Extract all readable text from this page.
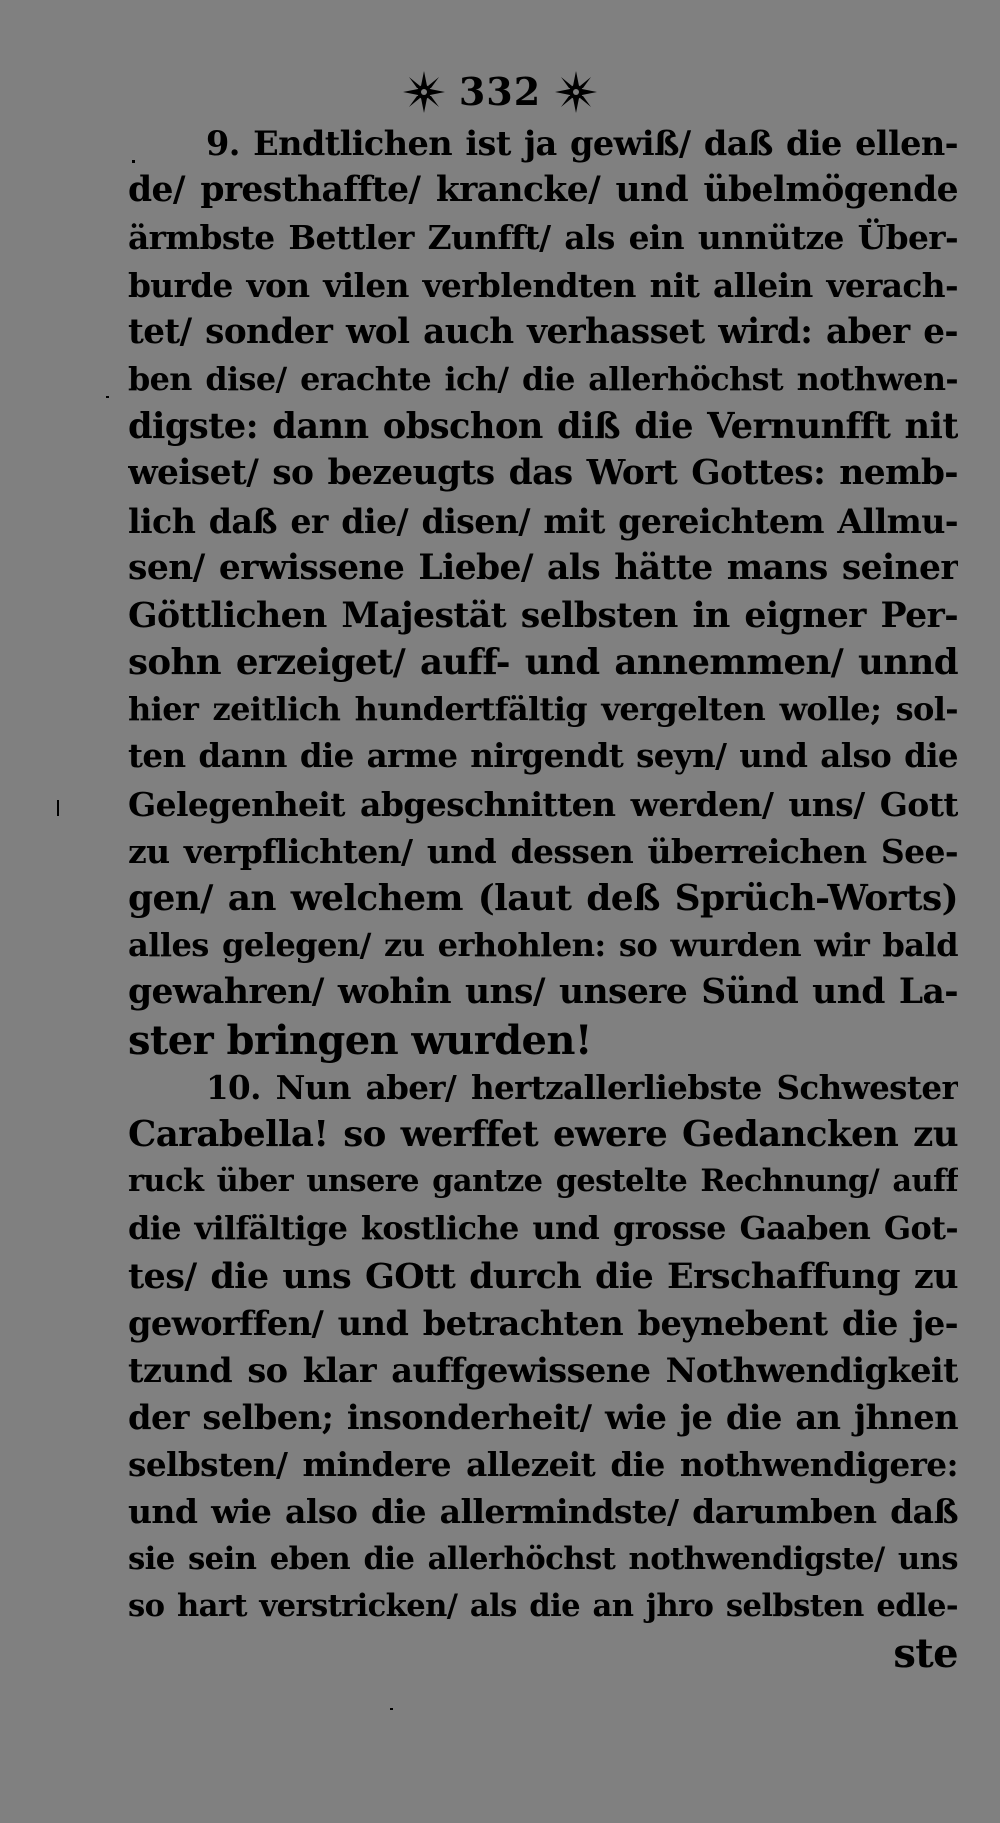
332
9. Endtlichen ist ja gewiß/ daß die ellen-
de/ presthaffte/ krancke/ und übelmögende
ärmbste Bettler Zunfft/ als ein unnütze Über-
burde von vilen verblendten nit allein verach-
tet/ sonder wol auch verhasset wird: aber e-
ben dise/ erachte ich/ die allerhöchst nothwen-
digste: dann obschon diß die Vernunfft nit
weiset/ so bezeugts das Wort Gottes: nemb-
lich daß er die/ disen/ mit gereichtem Allmu-
sen/ erwissene Liebe/ als hätte mans seiner
Göttlichen Majestät selbsten in eigner Per-
sohn erzeiget/ auff- und annemmen/ unnd
hier zeitlich hundertfältig vergelten wolle; sol-
ten dann die arme nirgendt seyn/ und also die
Gelegenheit abgeschnitten werden/ uns/ Gott
zu verpflichten/ und dessen überreichen See-
gen/ an welchem (laut deß Sprüch-Worts)
alles gelegen/ zu erhohlen: so wurden wir bald
gewahren/ wohin uns/ unsere Sünd und La-
ster bringen wurden!
10. Nun aber/ hertzallerliebste Schwester
Carabella! so werffet ewere Gedancken zu
ruck über unsere gantze gestelte Rechnung/ auff
die vilfältige kostliche und grosse Gaaben Got-
tes/ die uns GOtt durch die Erschaffung zu
geworffen/ und betrachten beynebent die je-
tzund so klar auffgewissene Nothwendigkeit
der selben; insonderheit/ wie je die an jhnen
selbsten/ mindere allezeit die nothwendigere:
und wie also die allermindste/ darumben daß
sie sein eben die allerhöchst nothwendigste/ uns
so hart verstricken/ als die an jhro selbsten edle-
ste
